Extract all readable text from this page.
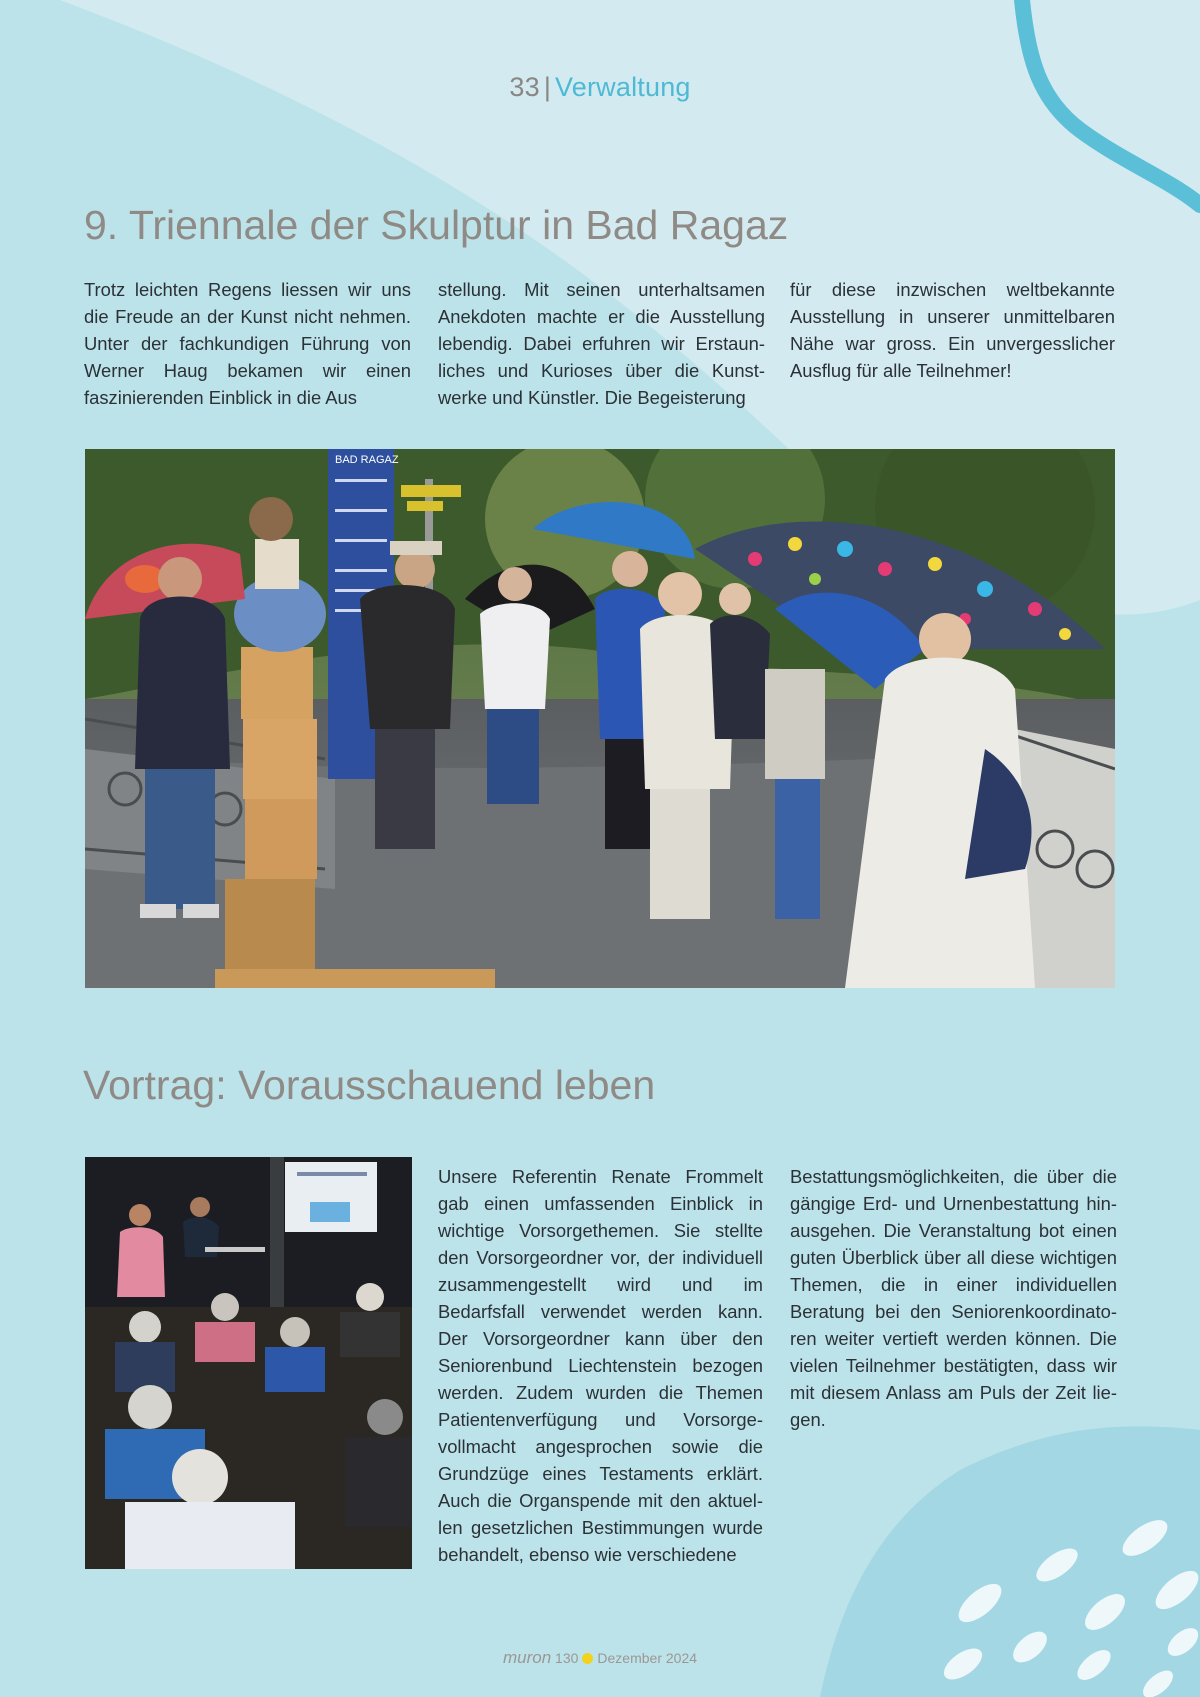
33 | Verwaltung
9. Triennale der Skulptur in Bad Ragaz
Trotz leichten Regens liessen wir uns die Freude an der Kunst nicht nehmen. Unter der fachkundigen Führung von Werner Haug bekamen wir einen faszinierenden Einblick in die Aus
stellung. Mit seinen unterhaltsamen Anekdoten machte er die Ausstellung lebendig. Dabei erfuhren wir Erstaunliches und Kurioses über die Kunstwerke und Künstler. Die Begeisterung
für diese inzwischen weltbekannte Ausstellung in unserer unmittelbaren Nähe war gross. Ein unvergesslicher Ausflug für alle Teilnehmer!
BAD RAGAZ
Vortrag: Vorausschauend leben
Unsere Referentin Renate Frommelt gab einen umfassenden Einblick in wichtige Vorsorgethemen. Sie stellte den Vorsorgeordner vor, der individuell zusammengestellt wird und im Bedarfsfall verwendet werden kann. Der Vorsorgeordner kann über den Seniorenbund Liechtenstein bezogen werden. Zudem wurden die Themen Patientenverfügung und Vorsorgevollmacht angesprochen sowie die Grundzüge eines Testaments erklärt. Auch die Organspende mit den aktuellen gesetzlichen Bestimmungen wurde behandelt, ebenso wie verschiedene
Bestattungsmöglichkeiten, die über die gängige Erd- und Urnenbestattung hinausgehen. Die Veranstaltung bot einen guten Überblick über all diese wichtigen Themen, die in einer individuellen Beratung bei den Seniorenkoordinatoren weiter vertieft werden können. Die vielen Teilnehmer bestätigten, dass wir mit diesem Anlass am Puls der Zeit liegen.
muron 130 Dezember 2024
